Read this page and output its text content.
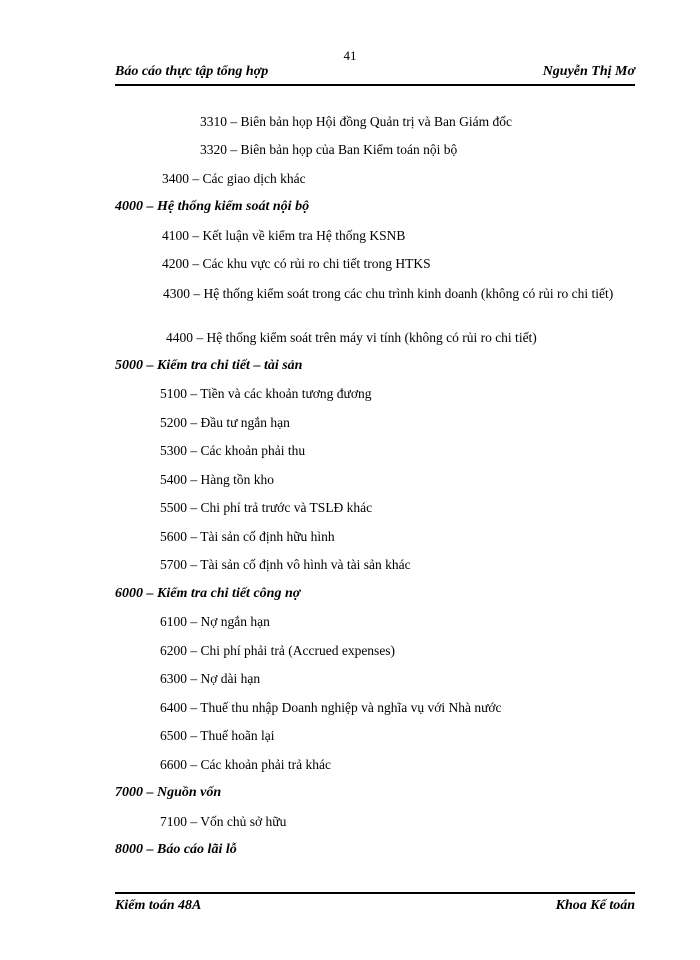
41
Báo cáo thực tập tổng hợp	Nguyễn Thị Mơ
3310 – Biên bản họp Hội đồng Quản trị và Ban Giám đốc
3320 – Biên bản họp của Ban Kiểm toán nội bộ
3400 – Các giao dịch khác
4000 – Hệ thống kiểm soát nội bộ
4100 – Kết luận về kiểm tra Hệ thống KSNB
4200 – Các khu vực có rủi ro chi tiết trong HTKS
4300 – Hệ thống kiểm soát trong các chu trình kinh doanh (không có rủi ro chi tiết)
4400 – Hệ thống kiểm soát trên máy vi tính (không có rủi ro chi tiết)
5000 – Kiểm tra chi tiết – tài sản
5100 – Tiền và các khoản tương đương
5200 – Đầu tư ngắn hạn
5300 – Các khoản phải thu
5400 – Hàng tồn kho
5500 – Chi phí trả trước và TSLĐ khác
5600 – Tài sản cố định hữu hình
5700 – Tài sản cố định vô hình và tài sản khác
6000 – Kiểm tra chi tiết công nợ
6100 – Nợ ngắn hạn
6200 – Chi phí phải trả (Accrued expenses)
6300 – Nợ dài hạn
6400 – Thuế thu nhập Doanh nghiệp và nghĩa vụ với Nhà nước
6500 – Thuế hoãn lại
6600 – Các khoản phải trả khác
7000 – Nguồn vốn
7100 – Vốn chủ sở hữu
8000 – Báo cáo lãi lỗ
Kiểm toán 48A	Khoa Kế toán
